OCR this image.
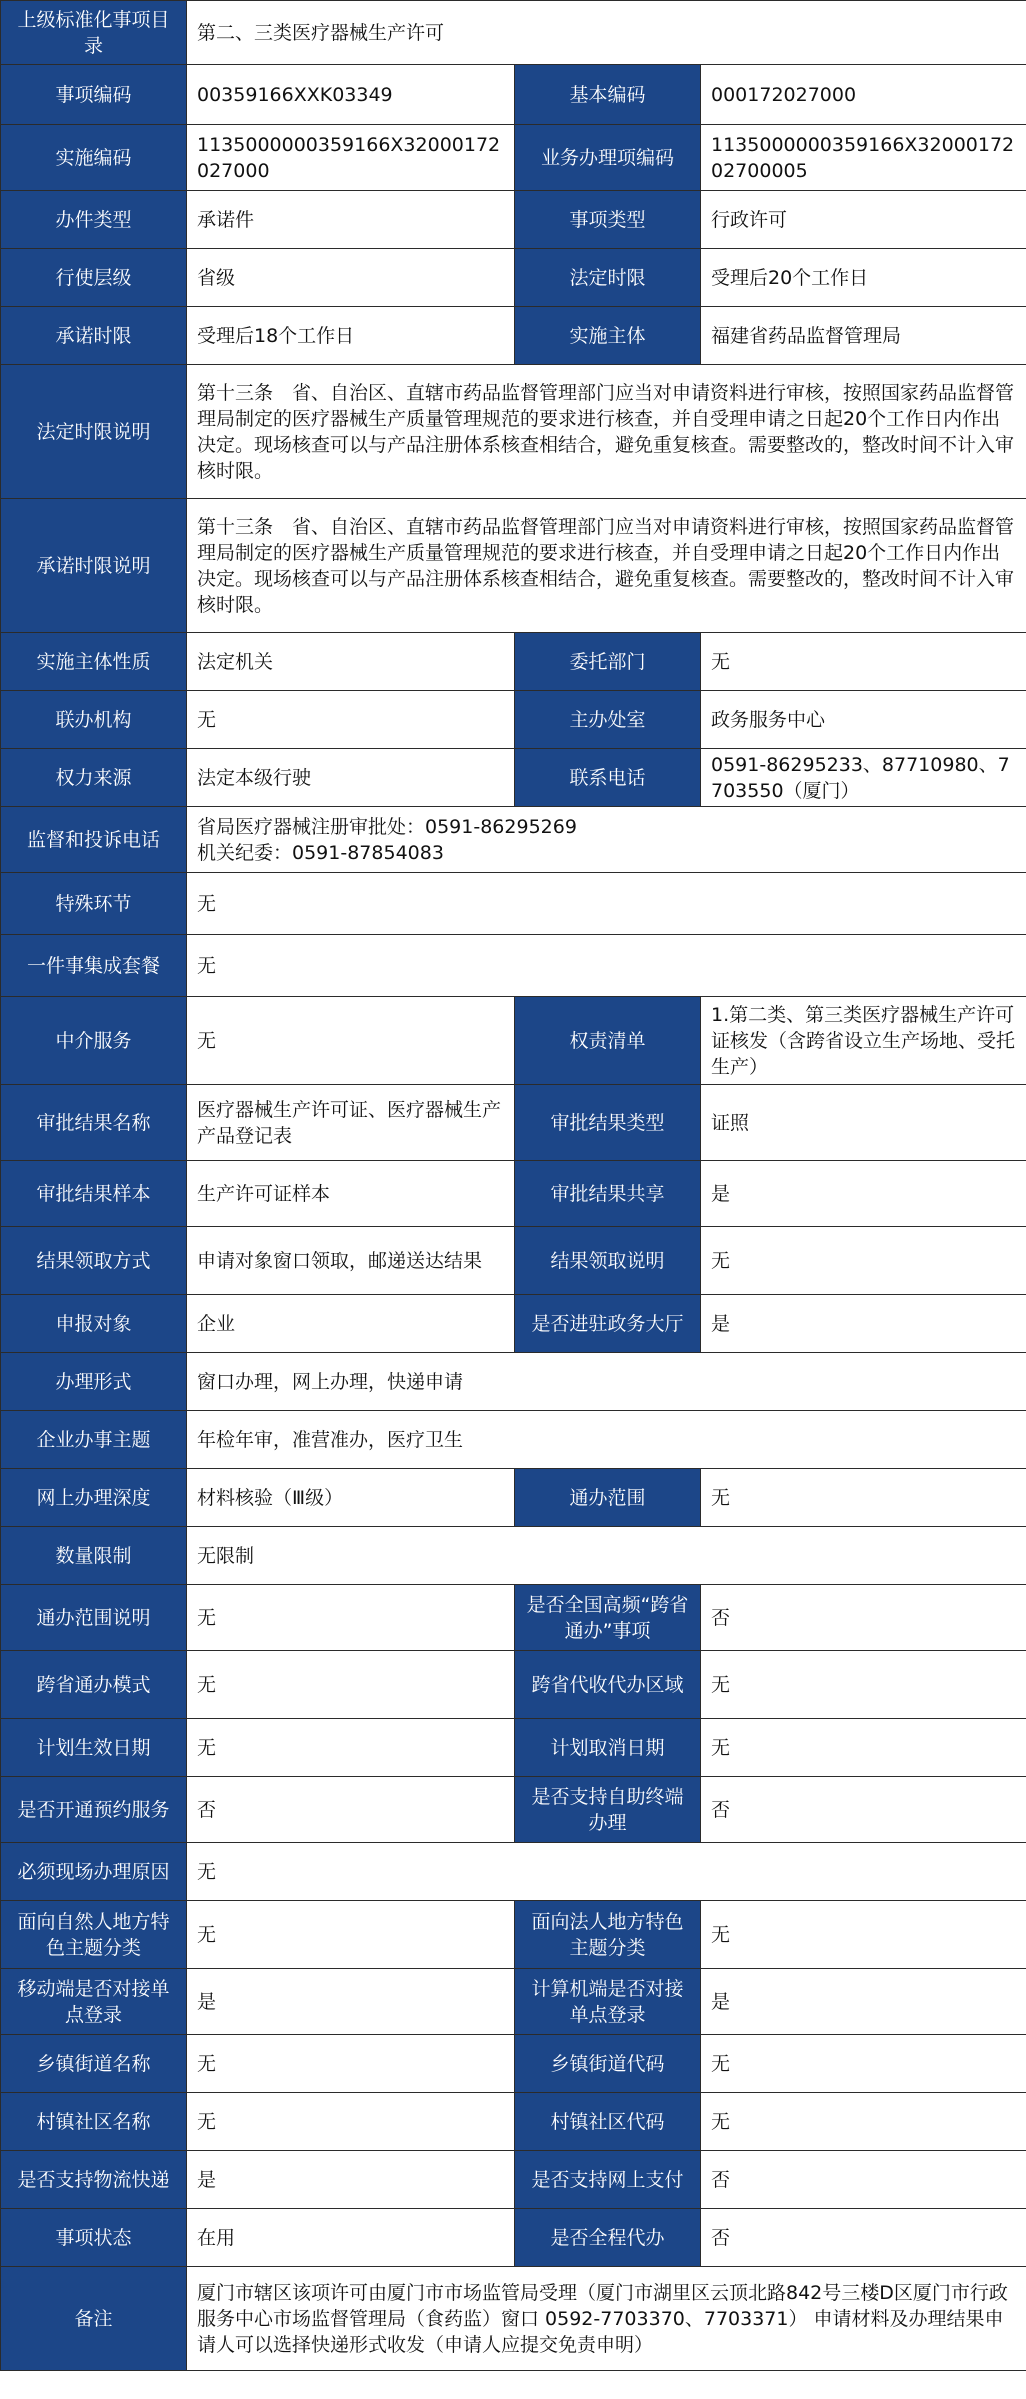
上级标准化事项目录	第二、三类医疗器械生产许可		
事项编码	00359166XXK03349	基本编码	000172027000
实施编码	1135000000359166X32000172027000	业务办理项编码	1135000000359166X3200017202700005
办件类型	承诺件	事项类型	行政许可
行使层级	省级	法定时限	受理后20个工作日
承诺时限	受理后18个工作日	实施主体	福建省药品监督管理局
法定时限说明	第十三条　省、自治区、直辖市药品监督管理部门应当对申请资料进行审核，按照国家药品监督管理局制定的医疗器械生产质量管理规范的要求进行核查，并自受理申请之日起20个工作日内作出决定。现场核查可以与产品注册体系核查相结合，避免重复核查。需要整改的，整改时间不计入审核时限。		
承诺时限说明	第十三条　省、自治区、直辖市药品监督管理部门应当对申请资料进行审核，按照国家药品监督管理局制定的医疗器械生产质量管理规范的要求进行核查，并自受理申请之日起20个工作日内作出决定。现场核查可以与产品注册体系核查相结合，避免重复核查。需要整改的，整改时间不计入审核时限。		
实施主体性质	法定机关	委托部门	无
联办机构	无	主办处室	政务服务中心
权力来源	法定本级行驶	联系电话	0591-86295233、87710980、7703550（厦门）
监督和投诉电话	省局医疗器械注册审批处：0591-86295269
机关纪委：0591-87854083		

特殊环节	无		
一件事集成套餐	无		
中介服务	无	权责清单	1.第二类、第三类医疗器械生产许可证核发（含跨省设立生产场地、受托生产）
审批结果名称	医疗器械生产许可证、医疗器械生产产品登记表	审批结果类型	证照
审批结果样本	生产许可证样本	审批结果共享	是
结果领取方式	申请对象窗口领取，邮递送达结果	结果领取说明	无
申报对象	企业	是否进驻政务大厅	是
办理形式	窗口办理，网上办理，快递申请		
企业办事主题	年检年审，准营准办，医疗卫生		
网上办理深度	材料核验（Ⅲ级）	通办范围	无
数量限制	无限制		
通办范围说明	无	是否全国高频“跨省通办”事项	否
跨省通办模式	无	跨省代收代办区域	无
计划生效日期	无	计划取消日期	无
是否开通预约服务	否	是否支持自助终端办理	否
必须现场办理原因	无		
面向自然人地方特色主题分类	无	面向法人地方特色主题分类	无
移动端是否对接单点登录	是	计算机端是否对接单点登录	是
乡镇街道名称	无	乡镇街道代码	无
村镇社区名称	无	村镇社区代码	无
是否支持物流快递	是	是否支持网上支付	否
事项状态	在用	是否全程代办	否
备注	厦门市辖区该项许可由厦门市市场监管局受理（厦门市湖里区云顶北路842号三楼D区厦门市行政服务中心市场监督管理局（食药监）窗口 0592-7703370、7703371） 申请材料及办理结果申请人可以选择快递形式收发（申请人应提交免责申明）		
